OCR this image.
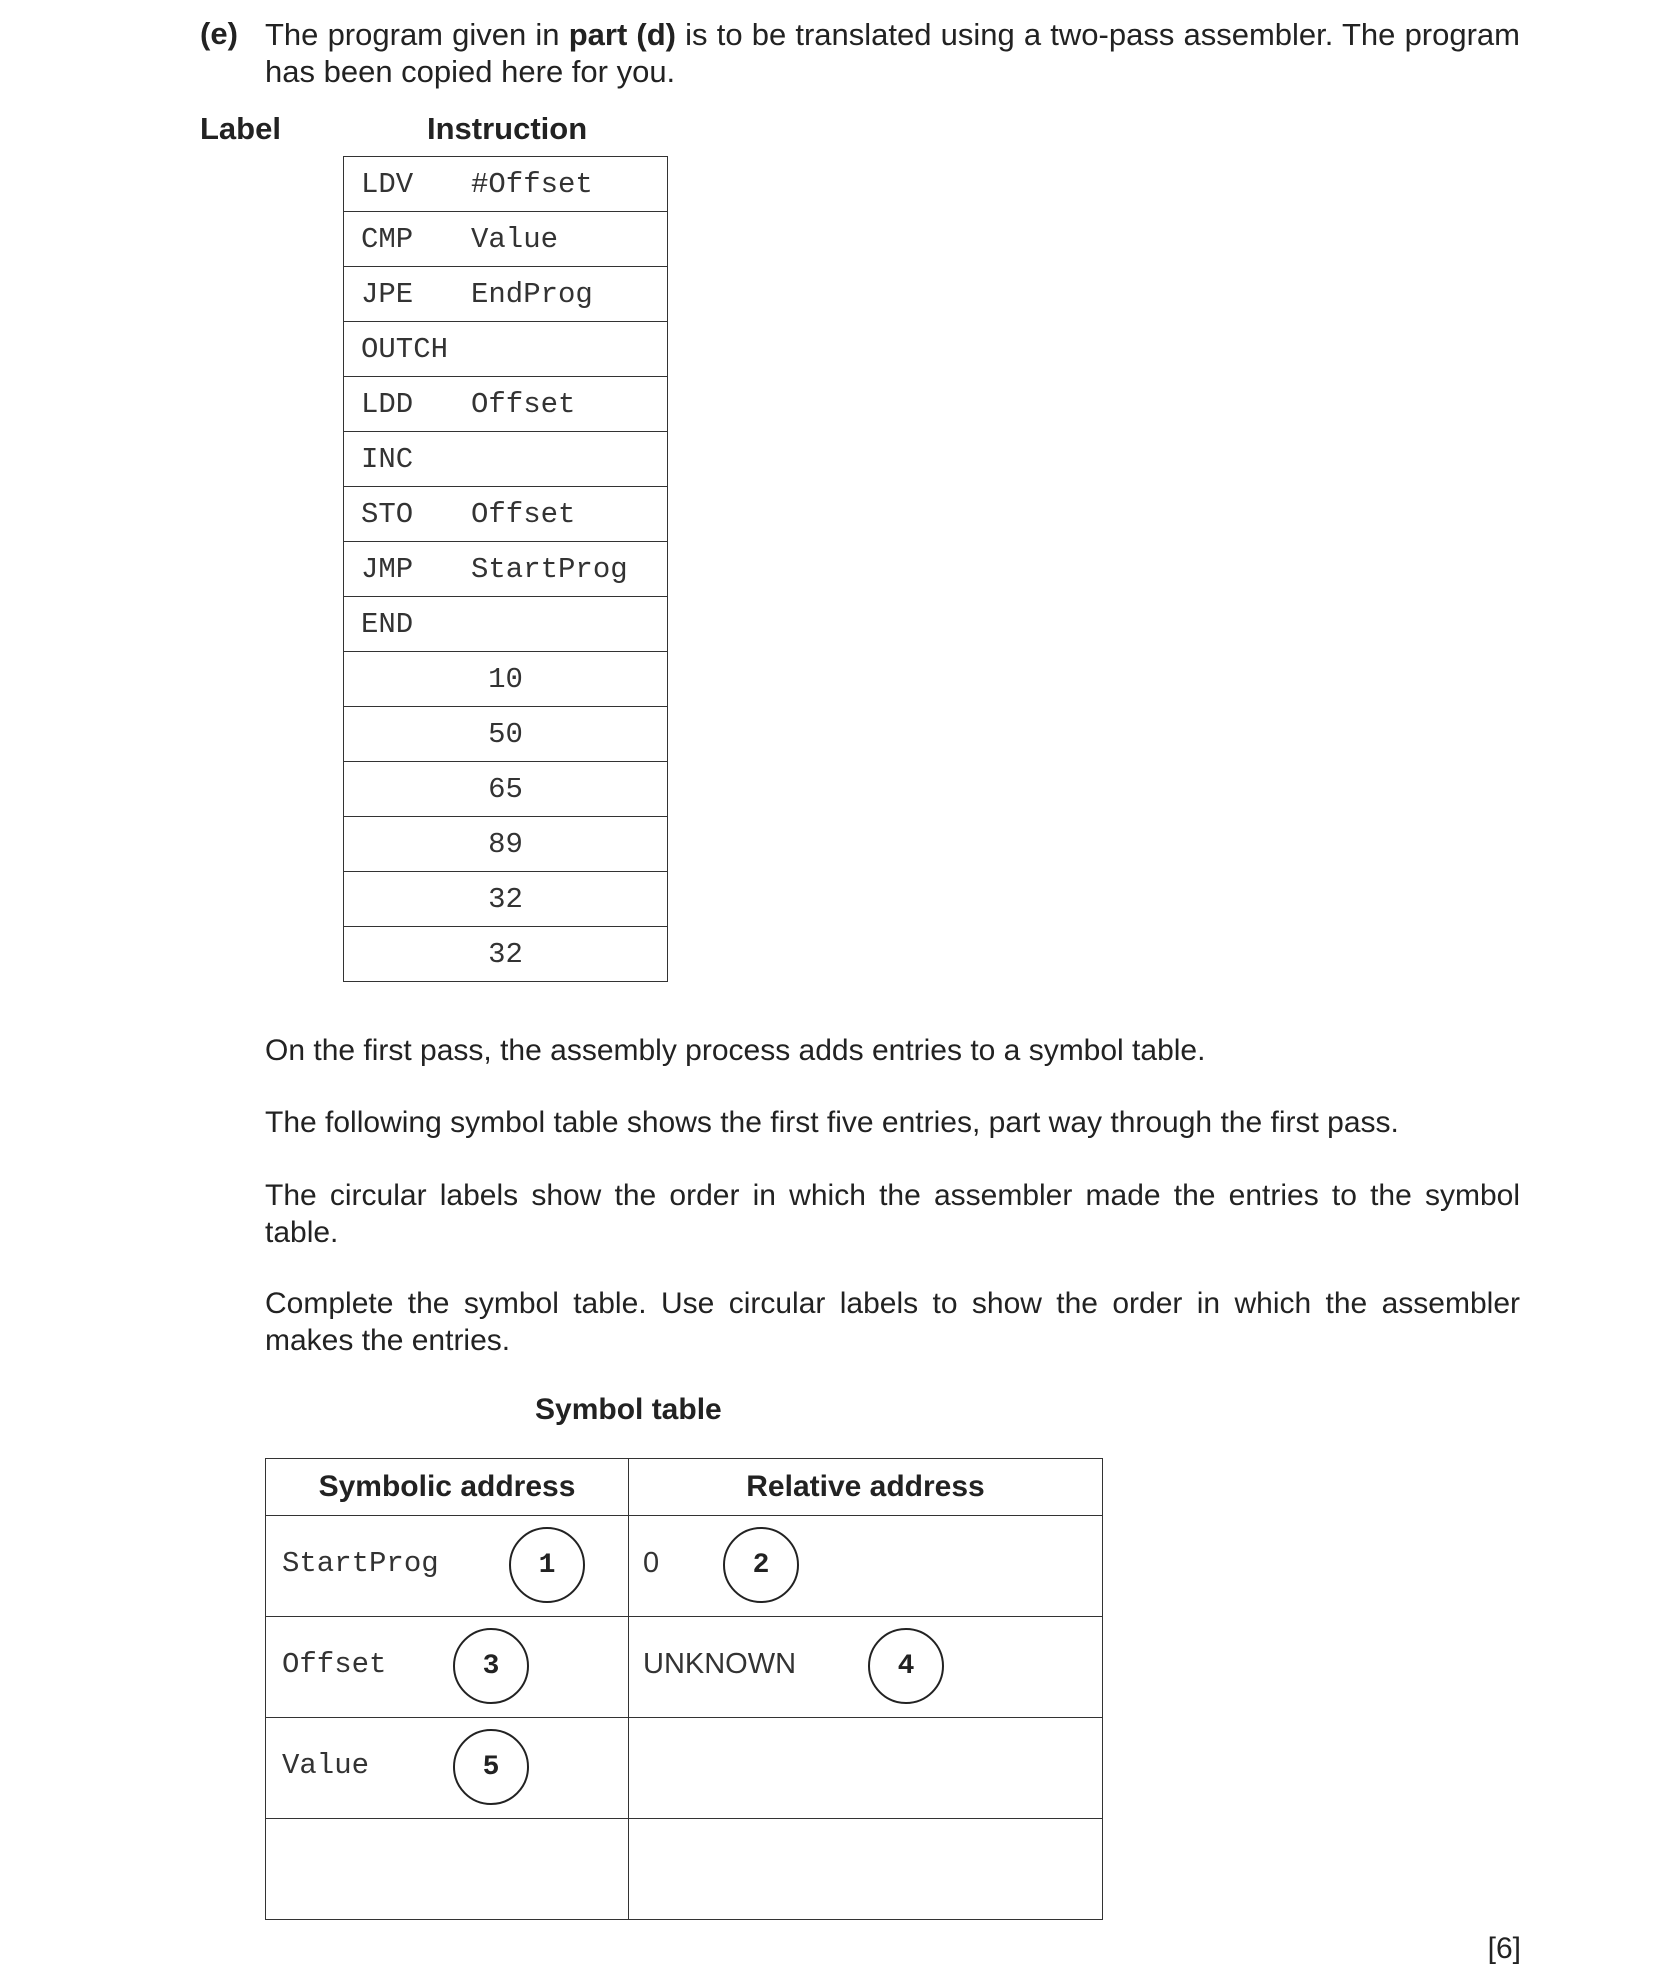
(e) The program given in part (d) is to be translated using a two-pass assembler. The program has been copied here for you.
Label	Instruction
LDV #Offset
CMP Value
JPE EndProg
OUTCH
LDD Offset
INC
STO Offset
JMP StartProg
END
10
50
65
89
32
32
On the first pass, the assembly process adds entries to a symbol table.
The following symbol table shows the first five entries, part way through the first pass.
The circular labels show the order in which the assembler made the entries to the symbol table.
Complete the symbol table. Use circular labels to show the order in which the assembler makes the entries.
Symbol table
Symbolic address	Relative address

StartProg 1	0 2

Offset 3	UNKNOWN 4

Value 5	

[6]
